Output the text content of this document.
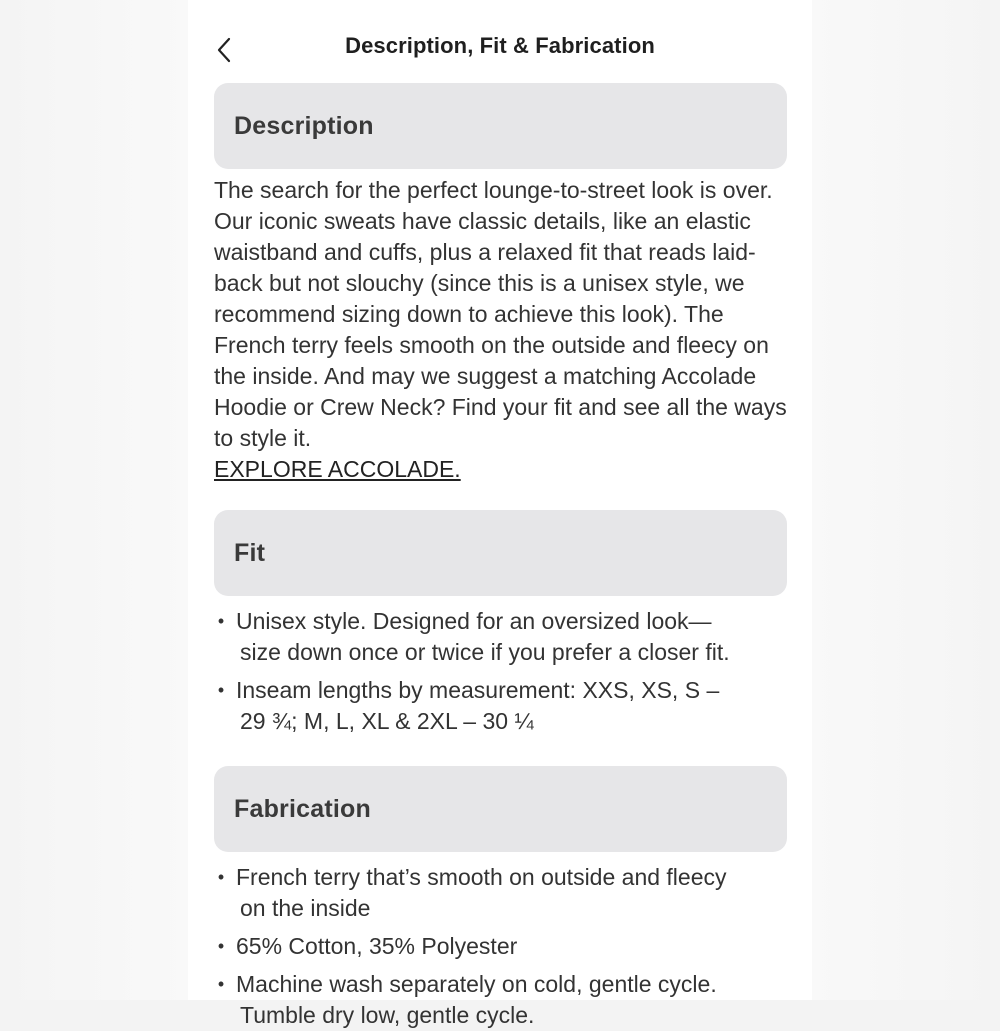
Description, Fit & Fabrication
Description
The search for the perfect lounge-to-street look is over. Our iconic sweats have classic details, like an elastic waistband and cuffs, plus a relaxed fit that reads laid-back but not slouchy (since this is a unisex style, we recommend sizing down to achieve this look). The French terry feels smooth on the outside and fleecy on the inside. And may we suggest a matching Accolade Hoodie or Crew Neck? Find your fit and see all the ways to style it.
EXPLORE ACCOLADE.
Fit
• Unisex style. Designed for an oversized look—
size down once or twice if you prefer a closer fit.
• Inseam lengths by measurement: XXS, XS, S –
29 ¾; M, L, XL & 2XL – 30 ¼
Fabrication
• French terry that’s smooth on outside and fleecy
on the inside
• 65% Cotton, 35% Polyester
• Machine wash separately on cold, gentle cycle.
Tumble dry low, gentle cycle.
